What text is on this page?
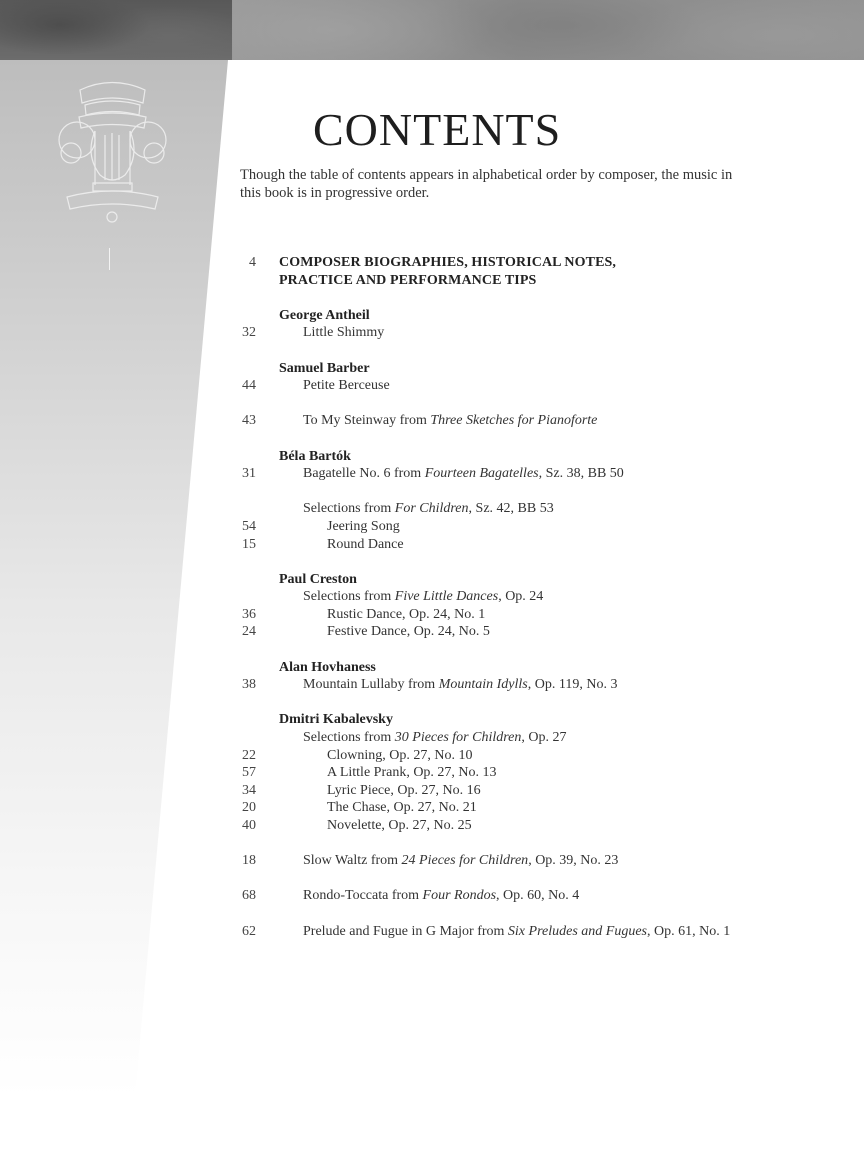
CONTENTS

Though the table of contents appears in alphabetical order by composer, the music in this book is in progressive order.

4 COMPOSER BIOGRAPHIES, HISTORICAL NOTES,
PRACTICE AND PERFORMANCE TIPS
George Antheil
32	Little Shimmy
Samuel Barber
44	Petite Berceuse
43	To My Steinway from Three Sketches for Pianoforte
Béla Bartók
31	Bagatelle No. 6 from Fourteen Bagatelles, Sz. 38, BB 50
Selections from For Children, Sz. 42, BB 53
54	Jeering Song
15	Round Dance
Paul Creston
Selections from Five Little Dances, Op. 24
36	Rustic Dance, Op. 24, No. 1
24	Festive Dance, Op. 24, No. 5
Alan Hovhaness
38	Mountain Lullaby from Mountain Idylls, Op. 119, No. 3
Dmitri Kabalevsky
Selections from 30 Pieces for Children, Op. 27
22	Clowning, Op. 27, No. 10
57	A Little Prank, Op. 27, No. 13
34	Lyric Piece, Op. 27, No. 16
20	The Chase, Op. 27, No. 21
40	Novelette, Op. 27, No. 25
18	Slow Waltz from 24 Pieces for Children, Op. 39, No. 23
68	Rondo-Toccata from Four Rondos, Op. 60, No. 4
62	Prelude and Fugue in G Major from Six Preludes and Fugues, Op. 61, No. 1
